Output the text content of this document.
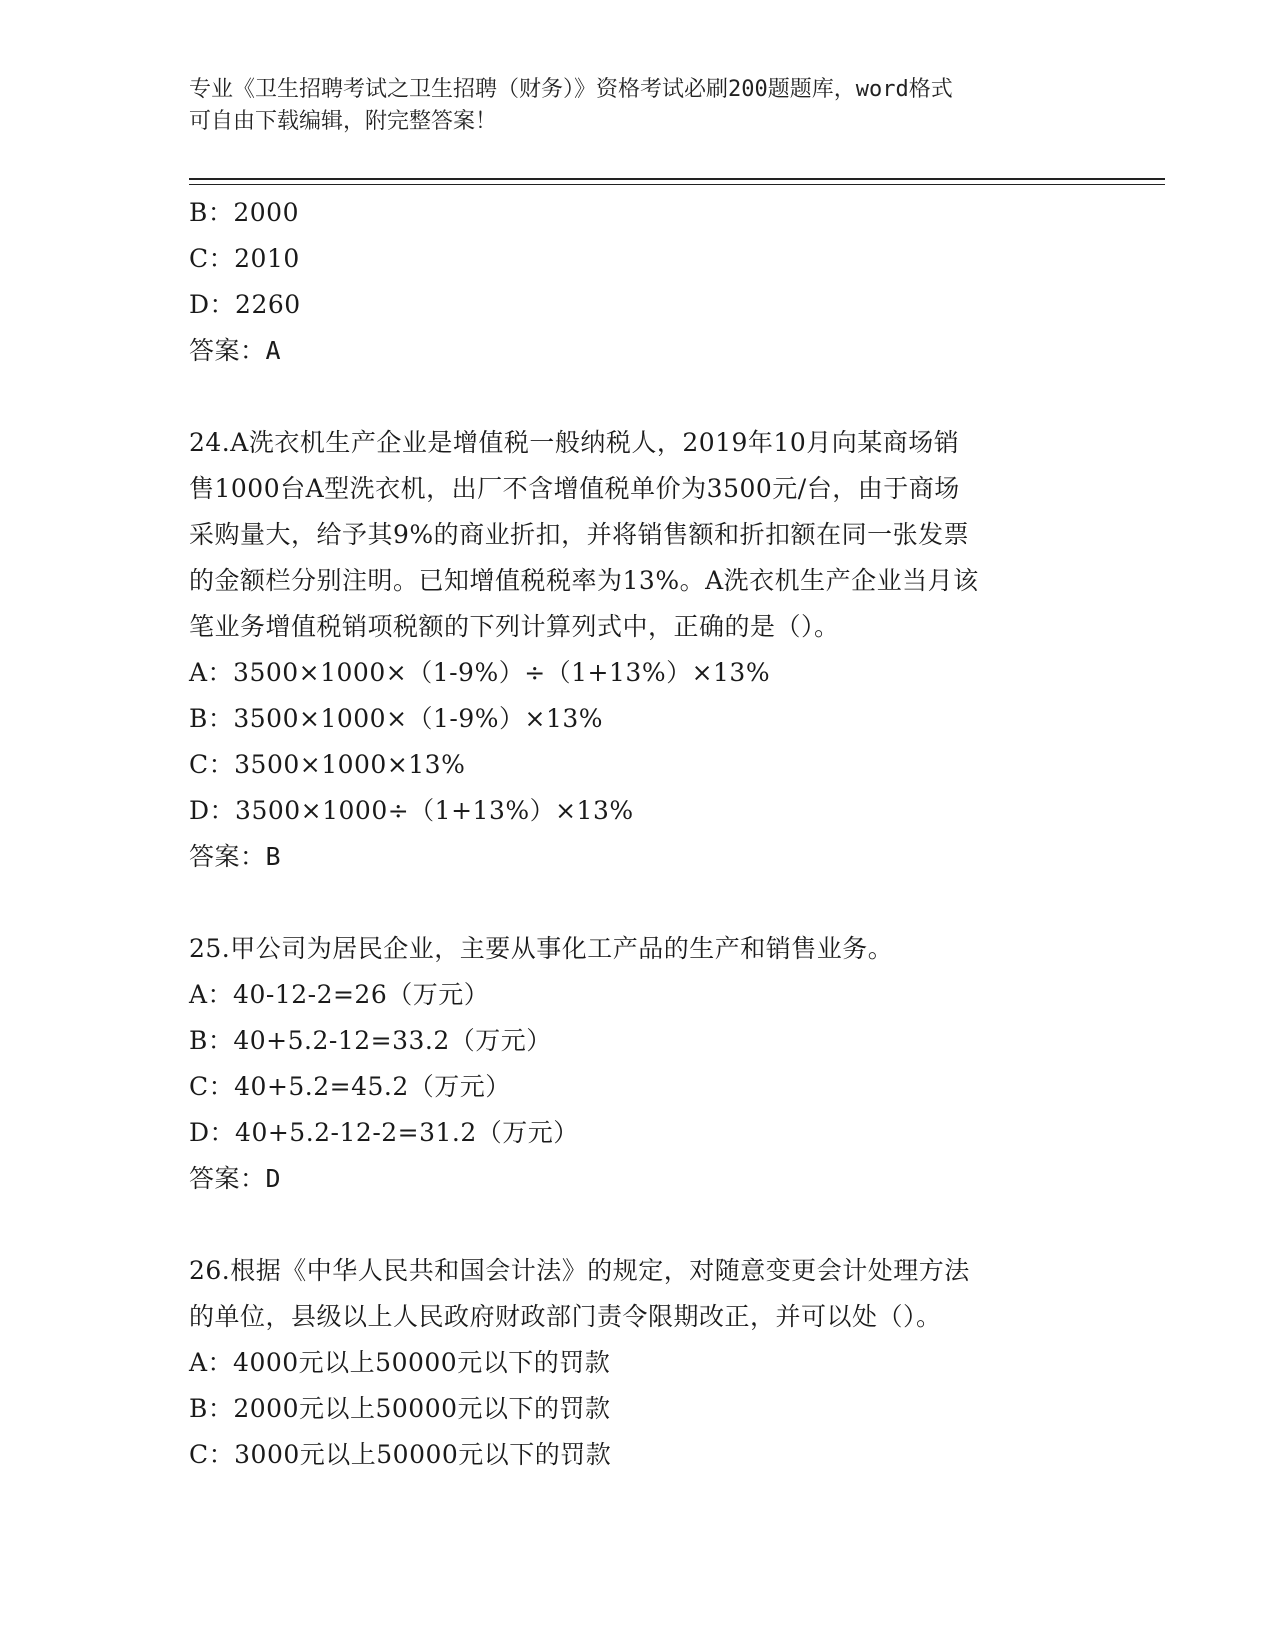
专业《卫生招聘考试之卫生招聘（财务）》资格考试必刷200题题库，word格式
可自由下载编辑，附完整答案！
B：2000
C：2010
D：2260
答案：A
24.A洗衣机生产企业是增值税一般纳税人，2019年10月向某商场销
售1000台A型洗衣机，出厂不含增值税单价为3500元/台，由于商场
采购量大，给予其9%的商业折扣，并将销售额和折扣额在同一张发票
的金额栏分别注明。已知增值税税率为13%。A洗衣机生产企业当月该
笔业务增值税销项税额的下列计算列式中，正确的是（）。
A：3500×1000×（1-9%）÷（1+13%）×13%
B：3500×1000×（1-9%）×13%
C：3500×1000×13%
D：3500×1000÷（1+13%）×13%
答案：B
25.甲公司为居民企业，主要从事化工产品的生产和销售业务。
A：40-12-2=26（万元）
B：40+5.2-12=33.2（万元）
C：40+5.2=45.2（万元）
D：40+5.2-12-2=31.2（万元）
答案：D
26.根据《中华人民共和国会计法》的规定，对随意变更会计处理方法
的单位，县级以上人民政府财政部门责令限期改正，并可以处（）。
A：4000元以上50000元以下的罚款
B：2000元以上50000元以下的罚款
C：3000元以上50000元以下的罚款
